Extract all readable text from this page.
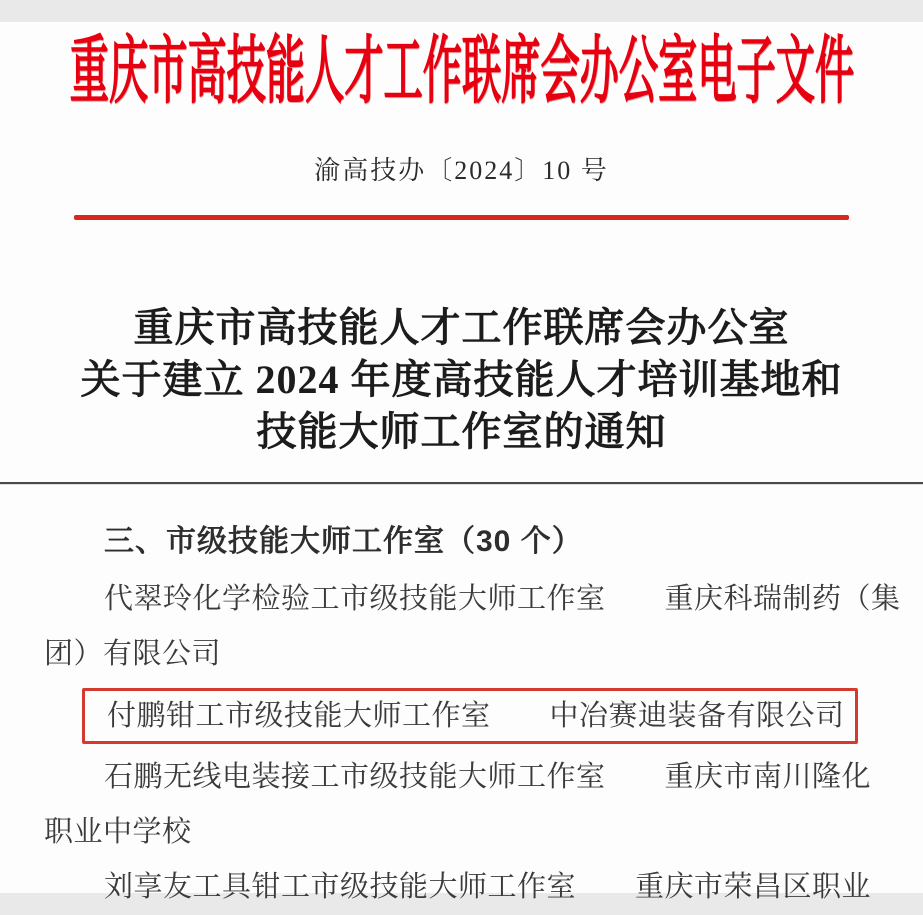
重庆市高技能人才工作联席会办公室电子文件
渝高技办〔2024〕10 号
重庆市高技能人才工作联席会办公室
关于建立 2024 年度高技能人才培训基地和
技能大师工作室的通知
三、市级技能大师工作室（30 个）
代翠玲化学检验工市级技能大师工作室　　重庆科瑞制药（集
团）有限公司
付鹏钳工市级技能大师工作室　　中冶赛迪装备有限公司
石鹏无线电装接工市级技能大师工作室　　重庆市南川隆化
职业中学校
刘享友工具钳工市级技能大师工作室　　重庆市荣昌区职业
